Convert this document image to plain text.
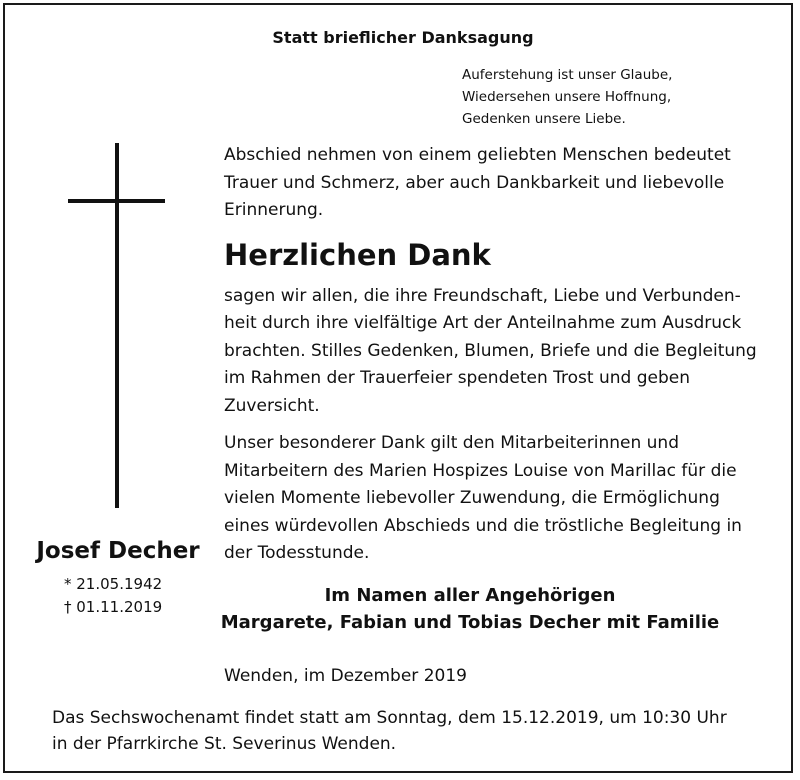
Statt brieflicher Danksagung
Auferstehung ist unser Glaube,
Wiedersehen unsere Hoffnung,
Gedenken unsere Liebe.
Josef Decher
* 21.05.1942
† 01.11.2019

Abschied nehmen von einem geliebten Menschen bedeutet
Trauer und Schmerz, aber auch Dankbarkeit und liebevolle
Erinnerung.

Herzlichen Dank

sagen wir allen, die ihre Freundschaft, Liebe und Verbunden-
heit durch ihre vielfältige Art der Anteilnahme zum Ausdruck
brachten. Stilles Gedenken, Blumen, Briefe und die Begleitung
im Rahmen der Trauerfeier spendeten Trost und geben
Zuversicht.

Unser besonderer Dank gilt den Mitarbeiterinnen und
Mitarbeitern des Marien Hospizes Louise von Marillac für die
vielen Momente liebevoller Zuwendung, die Ermöglichung
eines würdevollen Abschieds und die tröstliche Begleitung in
der Todesstunde.

Im Namen aller Angehörigen
Margarete, Fabian und Tobias Decher mit Familie
Wenden, im Dezember 2019
Das Sechswochenamt findet statt am Sonntag, dem 15.12.2019, um 10:30 Uhr
in der Pfarrkirche St. Severinus Wenden.
